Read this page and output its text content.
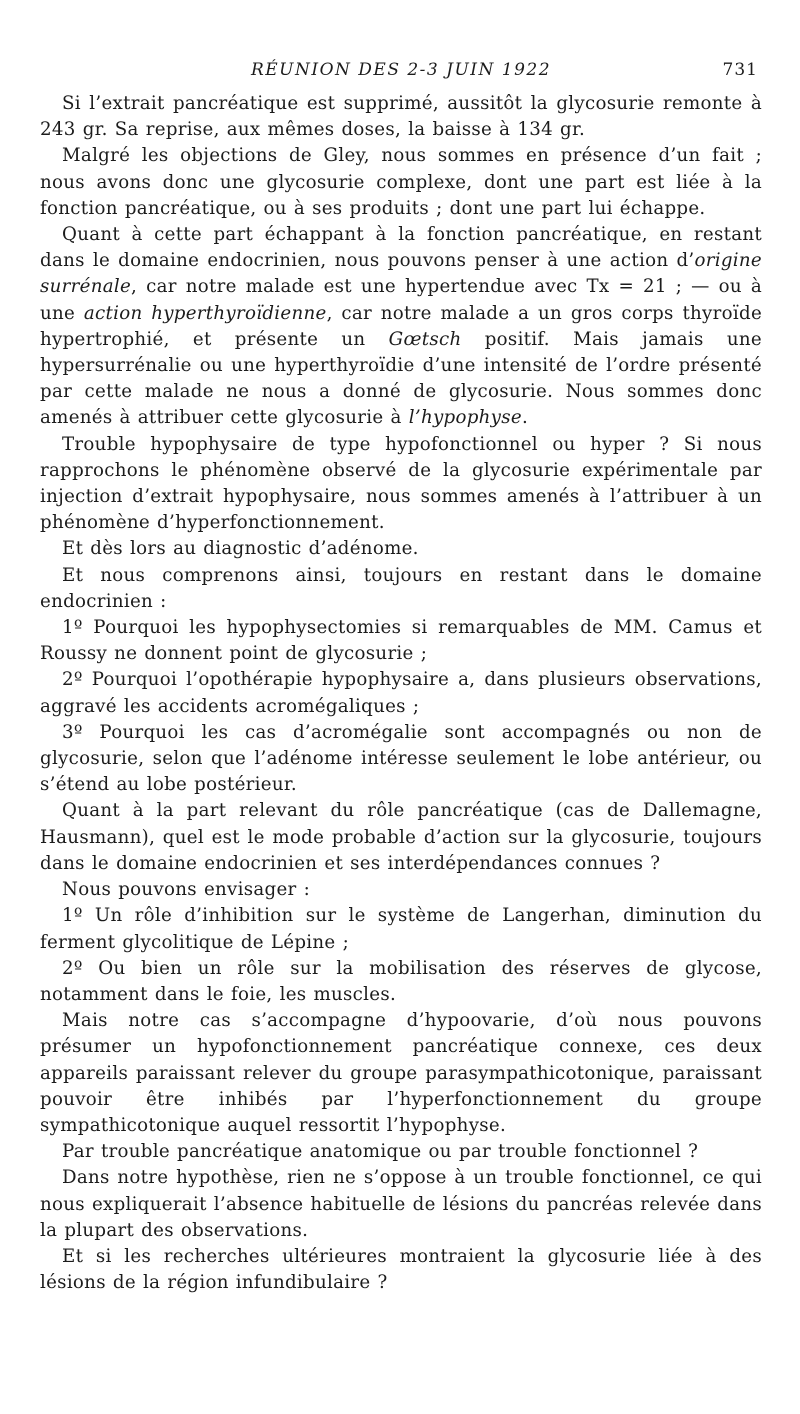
RÉUNION DES 2-3 JUIN 1922	731

Si l’extrait pancréatique est supprimé, aussitôt la glycosurie remonte à 243 gr. Sa reprise, aux mêmes doses, la baisse à 134 gr.

Malgré les objections de Gley, nous sommes en présence d’un fait ; nous avons donc une glycosurie complexe, dont une part est liée à la fonction pancréatique, ou à ses produits ; dont une part lui échappe.

Quant à cette part échappant à la fonction pancréatique, en restant dans le domaine endocrinien, nous pouvons penser à une action d’origine surrénale, car notre malade est une hypertendue avec Tx = 21 ; — ou à une action hyperthyroïdienne, car notre malade a un gros corps thyroïde hypertrophié, et présente un Gœtsch positif. Mais jamais une hypersurrénalie ou une hyperthyroïdie d’une intensité de l’ordre présenté par cette malade ne nous a donné de glycosurie. Nous sommes donc amenés à attribuer cette glycosurie à l’hypophyse.

Trouble hypophysaire de type hypofonctionnel ou hyper ? Si nous rapprochons le phénomène observé de la glycosurie expérimentale par injection d’extrait hypophysaire, nous sommes amenés à l’attribuer à un phénomène d’hyperfonctionnement.

Et dès lors au diagnostic d’adénome.

Et nous comprenons ainsi, toujours en restant dans le domaine endocrinien :

1º Pourquoi les hypophysectomies si remarquables de MM. Camus et Roussy ne donnent point de glycosurie ;

2º Pourquoi l’opothérapie hypophysaire a, dans plusieurs observations, aggravé les accidents acromégaliques ;

3º Pourquoi les cas d’acromégalie sont accompagnés ou non de glycosurie, selon que l’adénome intéresse seulement le lobe antérieur, ou s’étend au lobe postérieur.

Quant à la part relevant du rôle pancréatique (cas de Dallemagne, Hausmann), quel est le mode probable d’action sur la glycosurie, toujours dans le domaine endocrinien et ses interdépendances connues ?

Nous pouvons envisager :

1º Un rôle d’inhibition sur le système de Langerhan, diminution du ferment glycolitique de Lépine ;

2º Ou bien un rôle sur la mobilisation des réserves de glycose, notamment dans le foie, les muscles.

Mais notre cas s’accompagne d’hypoovarie, d’où nous pouvons présumer un hypofonctionnement pancréatique connexe, ces deux appareils paraissant relever du groupe parasympathicotonique, paraissant pouvoir être inhibés par l’hyperfonctionnement du groupe sympathicotonique auquel ressortit l’hypophyse.

Par trouble pancréatique anatomique ou par trouble fonctionnel ?

Dans notre hypothèse, rien ne s’oppose à un trouble fonctionnel, ce qui nous expliquerait l’absence habituelle de lésions du pancréas relevée dans la plupart des observations.

Et si les recherches ultérieures montraient la glycosurie liée à des lésions de la région infundibulaire ?
